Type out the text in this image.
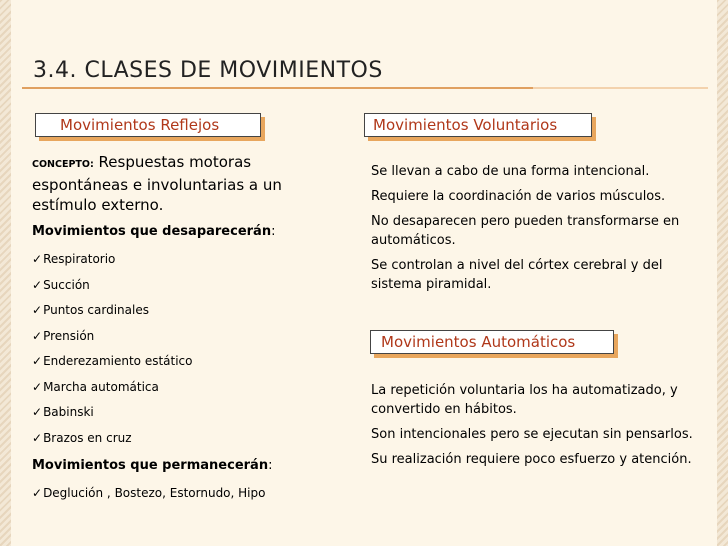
3.4. CLASES DE MOVIMIENTOS
Movimientos Reflejos

CONCEPTO: Respuestas motoras espontáneas e involuntarias a un estímulo externo.

Movimientos que desaparecerán:

✓Respiratorio
✓Succión
✓Puntos cardinales
✓Prensión
✓Enderezamiento estático
✓Marcha automática
✓Babinski
✓Brazos en cruz

Movimientos que permanecerán:

✓Deglución , Bostezo, Estornudo, Hipo
Movimientos Voluntarios

Se llevan a cabo de una forma intencional.

Requiere la coordinación de varios músculos.

No desaparecen pero pueden transformarse en automáticos.

Se controlan a nivel del córtex cerebral y del sistema piramidal.

Movimientos Automáticos

La repetición voluntaria los ha automatizado, y convertido en hábitos.

Son intencionales pero se ejecutan sin pensarlos.

Su realización requiere poco esfuerzo y atención.
